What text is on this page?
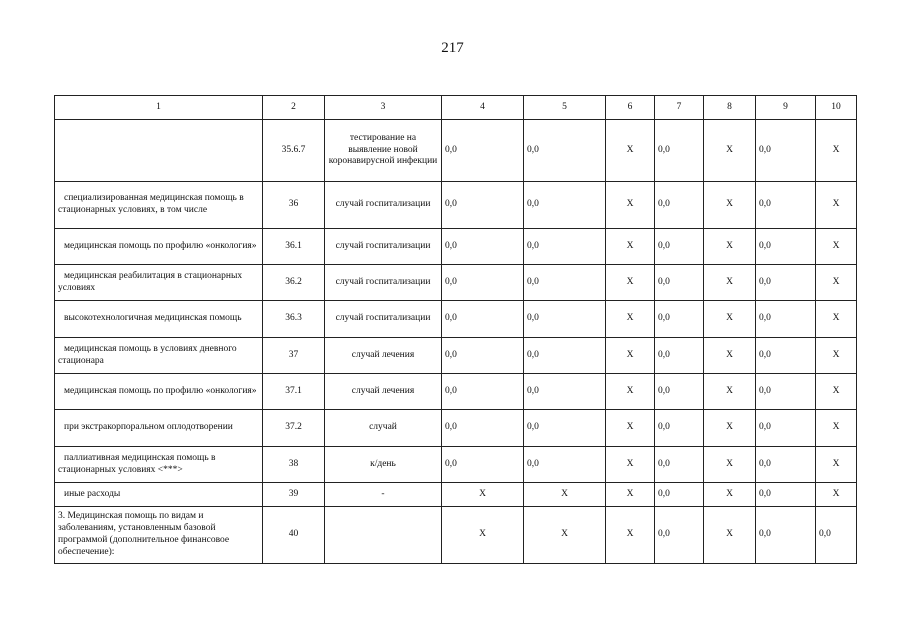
217
1	2	3	4	5	6	7	8	9	10
	35.6.7	тестирование на выявление новой коронавирусной инфекции	0,0	0,0	X	0,0	X	0,0	X
специализированная медицинская помощь в стационарных условиях, в том числе	36	случай госпитализации	0,0	0,0	X	0,0	X	0,0	X
медицинская помощь по профилю «онкология»	36.1	случай госпитализации	0,0	0,0	X	0,0	X	0,0	X
медицинская реабилитация в стационарных условиях	36.2	случай госпитализации	0,0	0,0	X	0,0	X	0,0	X
высокотехнологичная медицинская помощь	36.3	случай госпитализации	0,0	0,0	X	0,0	X	0,0	X
медицинская помощь в условиях дневного стационара	37	случай лечения	0,0	0,0	X	0,0	X	0,0	X
медицинская помощь по профилю «онкология»	37.1	случай лечения	0,0	0,0	X	0,0	X	0,0	X
при экстракорпоральном оплодотворении	37.2	случай	0,0	0,0	X	0,0	X	0,0	X
паллиативная медицинская помощь в стационарных условиях <***>	38	к/день	0,0	0,0	X	0,0	X	0,0	X
иные расходы	39	-	X	X	X	0,0	X	0,0	X
3. Медицинская помощь по видам и заболеваниям, установленным базовой программой (дополнительное финансовое обеспечение):	40		X	X	X	0,0	X	0,0	0,0
